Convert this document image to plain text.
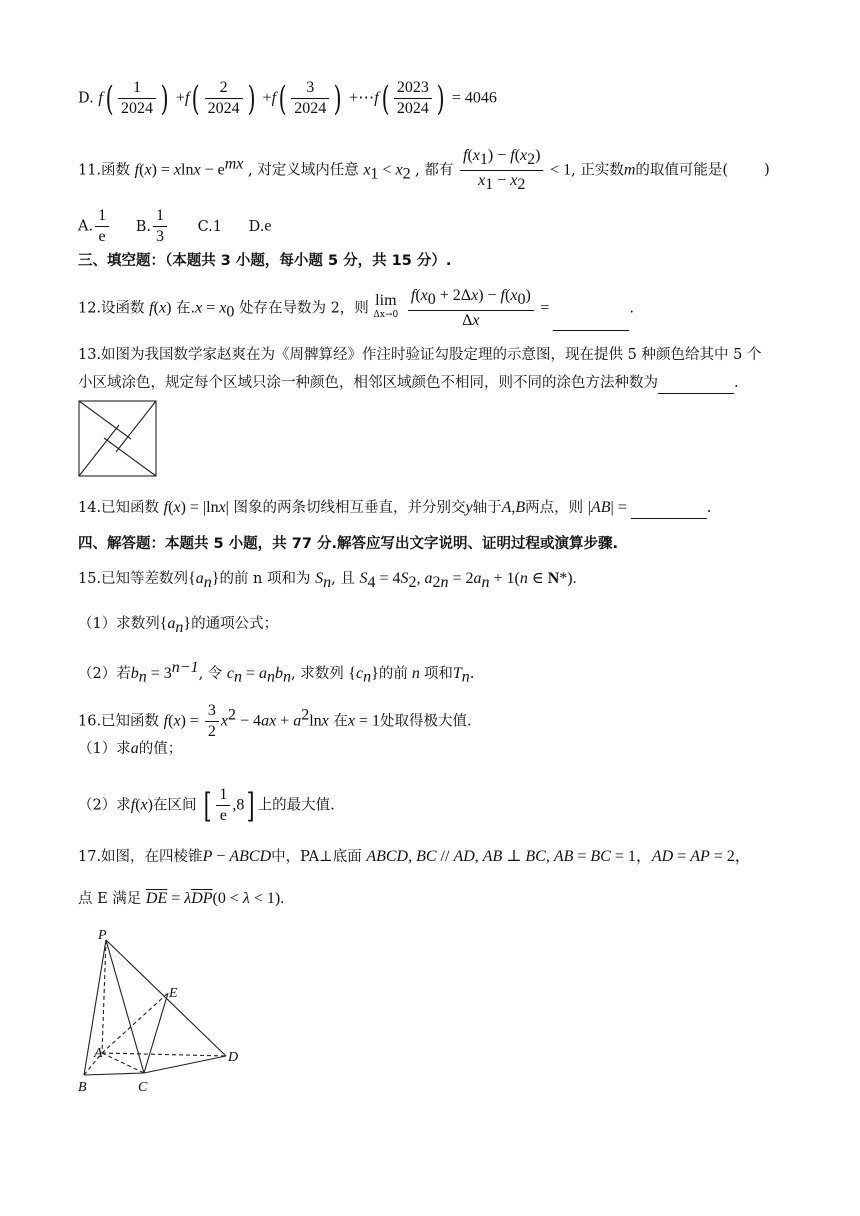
D. $f( \frac{1}{2024}$ ) $+f( \frac{2}{2024}$ ) $+f( \frac{3}{2024}$ ) +⋯f( $\frac{2023}{2024}$ ) = 4046
11.函数 $f(x) = xlnx - e^{mx}$ , 对定义域内任意 $x_1 < x_2$ , 都有 $\frac{f(x_1) - f(x_2)}{x_1 - x_2} < 1$, 正实数m的取值可能是( )
A. $\frac{1}{e} B$. $\frac{1}{3} C.1$ D.e
三、填空题：（本题共 3 小题，每小题 5 分，共 15 分）.
12.设函数 f(x) 在$.x = x_0$ 处存在导数为 2，则 lim
Δx→0
$\frac{f(x_0 + 2\Delta x) - f(x_0)}{\Delta x}$ =	.
13.如图为我国数学家赵爽在为《周髀算经》作注时验证勾股定理的示意图，现在提供 5 种颜色给其中 5 个
小区域涂色，规定每个区域只涂一种颜色，相邻区域颜色不相同，则不同的涂色方法种数为	.
14.已知函数 f(x) = |lnx| 图象的两条切线相互垂直，并分别交y轴于A,B两点，则 |AB| =	.
四、解答题：本题共 5 小题，共 77 分.解答应写出文字说明、证明过程或演算步骤.
15.已知等差数列$\{a_n\}$的前 n 项和为 $S_n$, 且 $S_4 = 4S_2$, $a_{2n} = 2a_n + 1(n$ ∈ N*).
（1）求数列$\{a_n\}$的通项公式；
（2）若$b_n = 3^{n-1}$, 令 $c_n = a_nb_n$, 求数列 $\{c_n\}$的前 n 项和$T_n$.
16.已知函数 $f(x) = \frac{3}{2} x^2 - 4ax + a^2\ln x$ 在x = 1处取得极大值.
（1）求a的值；
（2）求f(x)在区间 [ $\frac{1}{e} ,8$] 上的最大值.
17.如图，在四棱锥P − ABCD中，PA⊥底面 ABCD, BC // AD, AB ⊥ BC, AB = BC = 1，AD = AP = 2，
点 E 满足 $\overline{DE} = \lambda\overline{DP}(0 < \lambda < 1)$.
P
E
A
B	C
D
